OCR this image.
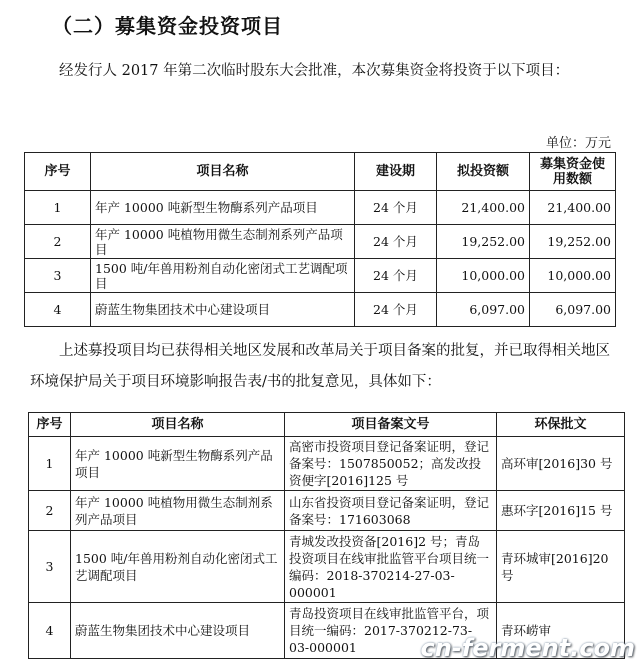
（二）募集资金投资项目
经发行人 2017 年第二次临时股东大会批准，本次募集资金将投资于以下项目：
单位：万元
序号	项目名称	建设期	拟投资额	募集资金使用数额
1	年产 10000 吨新型生物酶系列产品项目	24 个月	21,400.00	21,400.00
2	年产 10000 吨植物用微生态制剂系列产品项目	24 个月	19,252.00	19,252.00
3	1500 吨/年兽用粉剂自动化密闭式工艺调配项目	24 个月	10,000.00	10,000.00
4	蔚蓝生物集团技术中心建设项目	24 个月	6,097.00	6,097.00
上述募投项目均已获得相关地区发展和改革局关于项目备案的批复，并已取得相关地区环境保护局关于项目环境影响报告表/书的批复意见，具体如下：
序号	项目名称	项目备案文号	环保批文
1	年产 10000 吨新型生物酶系列产品项目	高密市投资项目登记备案证明，登记备案号：1507850052；高发改投资便字[2016]125 号	高环审[2016]30 号
2	年产 10000 吨植物用微生态制剂系列产品项目	山东省投资项目登记备案证明，登记备案号：171603068	惠环字[2016]15 号
3	1500 吨/年兽用粉剂自动化密闭式工艺调配项目	青城发改投资备[2016]2 号；青岛投资项目在线审批监管平台项目统一编码：2018-370214-27-03-000001	青环城审[2016]20 号
4	蔚蓝生物集团技术中心建设项目	青岛投资项目在线审批监管平台，项目统一编码：2017-370212-73-03-000001	青环崂审
cn-ferment.com
